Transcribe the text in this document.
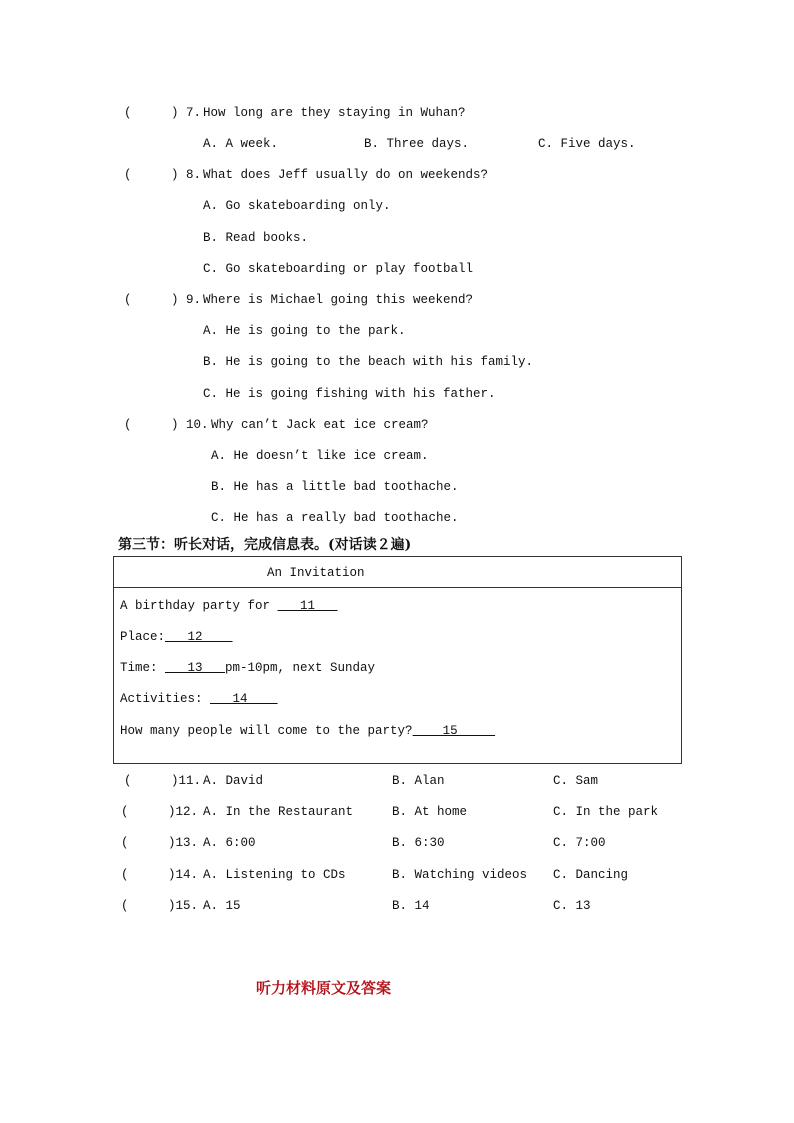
(	) 7. How long are they staying in Wuhan?
A. A week.	B. Three days.	C. Five days.
(	) 8. What does Jeff usually do on weekends?
A. Go skateboarding only.
B. Read books.
C. Go skateboarding or play football
(	) 9. Where is Michael going this weekend?
A. He is going to the park.
B. He is going to the beach with his family.
C. He is going fishing with his father.
(	) 10. Why can’t Jack eat ice cream?
A. He doesn’t like ice cream.
B. He has a little bad toothache.
C. He has a really bad toothache.
第三节：听长对话，完成信息表。(对话读２遍)
An Invitation
A birthday party for    11
Place:   12
Time:    13   pm-10pm, next Sunday
Activities:    14
How many people will come to the party?    15
(	)11. A. David	B. Alan	C. Sam
(	)12. A. In the Restaurant	B. At home	C. In the park
(	)13. A. 6:00	B. 6:30	C. 7:00
(	)14. A. Listening to CDs	B. Watching videos C. Dancing
(	)15. A. 15	B. 14	C. 13
听力材料原文及答案
